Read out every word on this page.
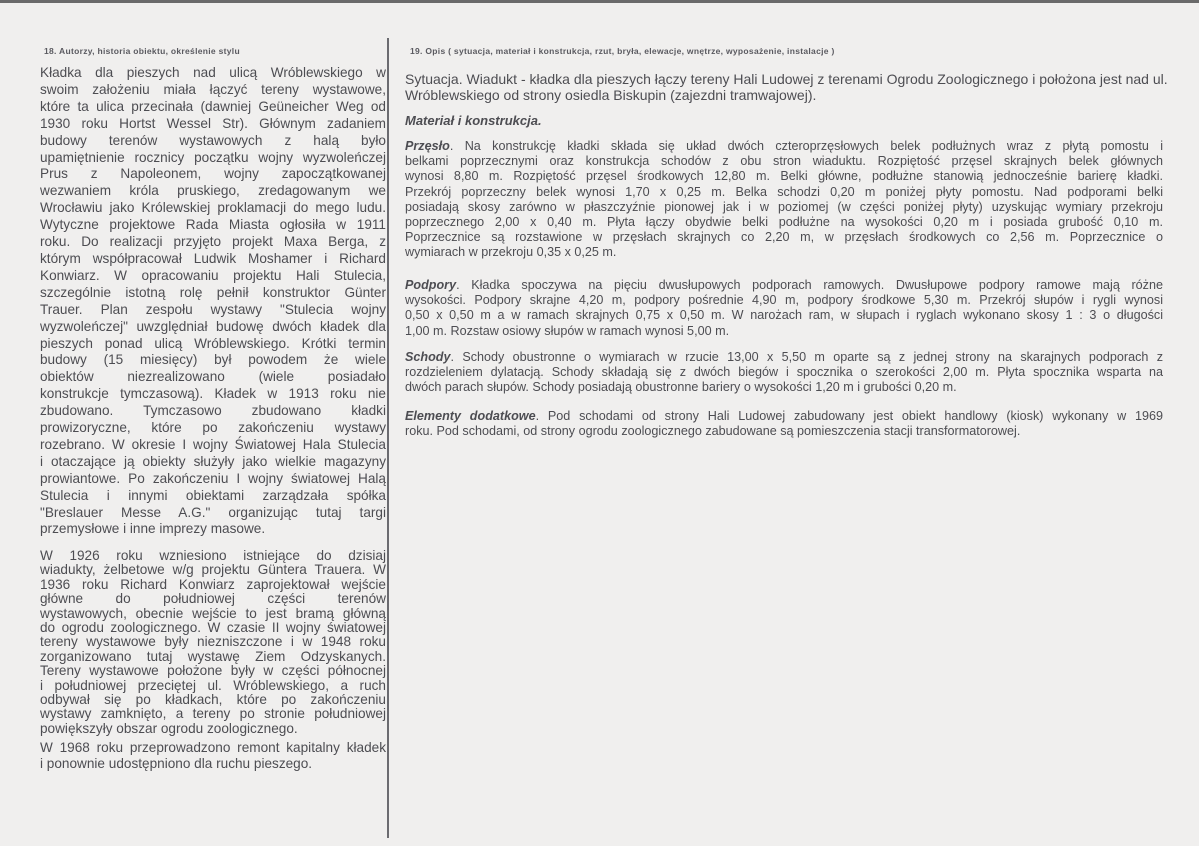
18. Autorzy, historia obiektu, określenie stylu	19. Opis ( sytuacja, materiał i konstrukcja, rzut, bryła, elewacje, wnętrze, wyposażenie, instalacje )
Kładka dla pieszych nad ulicą Wróblewskiego w
swoim założeniu miała łączyć tereny wystawowe,
które ta ulica przecinała (dawniej Geüneicher Weg od
1930 roku Hortst Wessel Str). Głównym zadaniem
budowy terenów wystawowych z halą było
upamiętnienie rocznicy początku wojny wyzwoleńczej
Prus z Napoleonem, wojny zapoczątkowanej
wezwaniem króla pruskiego, zredagowanym we
Wrocławiu jako Królewskiej proklamacji do mego ludu.
Wytyczne projektowe Rada Miasta ogłosiła w 1911
roku. Do realizacji przyjęto projekt Maxa Berga, z
którym współpracował Ludwik Moshamer i Richard
Konwiarz. W opracowaniu projektu Hali Stulecia,
szczególnie istotną rolę pełnił konstruktor Günter
Trauer. Plan zespołu wystawy "Stulecia wojny
wyzwoleńczej" uwzględniał budowę dwóch kładek dla
pieszych ponad ulicą Wróblewskiego. Krótki termin
budowy (15 miesięcy) był powodem że wiele
obiektów niezrealizowano (wiele posiadało
konstrukcje tymczasową). Kładek w 1913 roku nie
zbudowano. Tymczasowo zbudowano kładki
prowizoryczne, które po zakończeniu wystawy
rozebrano. W okresie I wojny Światowej Hala Stulecia
i otaczające ją obiekty służyły jako wielkie magazyny
prowiantowe. Po zakończeniu I wojny światowej Halą
Stulecia i innymi obiektami zarządzała spółka
"Breslauer Messe A.G." organizując tutaj targi
przemysłowe i inne imprezy masowe.
W 1926 roku wzniesiono istniejące do dzisiaj
wiadukty, żelbetowe w/g projektu Güntera Trauera. W
1936 roku Richard Konwiarz zaprojektował wejście
główne do południowej części terenów
wystawowych, obecnie wejście to jest bramą główną
do ogrodu zoologicznego. W czasie II wojny światowej
tereny wystawowe były niezniszczone i w 1948 roku
zorganizowano tutaj wystawę Ziem Odzyskanych.
Tereny wystawowe położone były w części północnej
i południowej przeciętej ul. Wróblewskiego, a ruch
odbywał się po kładkach, które po zakończeniu
wystawy zamknięto, a tereny po stronie południowej
powiększyły obszar ogrodu zoologicznego.
W 1968 roku przeprowadzono remont kapitalny kładek
i ponownie udostępniono dla ruchu pieszego.
Sytuacja. Wiadukt - kładka dla pieszych łączy tereny Hali Ludowej z terenami Ogrodu Zoologicznego i położona jest nad ul.
Wróblewskiego od strony osiedla Biskupin (zajezdni tramwajowej).
Materiał i konstrukcja.
Przęsło. Na konstrukcję kładki składa się układ dwóch czteroprzęsłowych belek podłużnych wraz z płytą pomostu i
belkami poprzecznymi oraz konstrukcja schodów z obu stron wiaduktu. Rozpiętość przęsel skrajnych belek głównych
wynosi 8,80 m. Rozpiętość przęsel środkowych 12,80 m. Belki główne, podłużne stanowią jednocześnie barierę kładki.
Przekrój poprzeczny belek wynosi 1,70 x 0,25 m. Belka schodzi 0,20 m poniżej płyty pomostu. Nad podporami belki
posiadają skosy zarówno w płaszczyźnie pionowej jak i w poziomej (w części poniżej płyty) uzyskując wymiary przekroju
poprzecznego 2,00 x 0,40 m. Płyta łączy obydwie belki podłużne na wysokości 0,20 m i posiada grubość 0,10 m.
Poprzecznice są rozstawione w przęsłach skrajnych co 2,20 m, w przęsłach środkowych co 2,56 m. Poprzecznice o
wymiarach w przekroju 0,35 x 0,25 m.
Podpory. Kładka spoczywa na pięciu dwusłupowych podporach ramowych. Dwusłupowe podpory ramowe mają różne
wysokości. Podpory skrajne 4,20 m, podpory pośrednie 4,90 m, podpory środkowe 5,30 m. Przekrój słupów i rygli wynosi
0,50 x 0,50 m a w ramach skrajnych 0,75 x 0,50 m. W narożach ram, w słupach i ryglach wykonano skosy 1 : 3 o długości
1,00 m. Rozstaw osiowy słupów w ramach wynosi 5,00 m.
Schody. Schody obustronne o wymiarach w rzucie 13,00 x 5,50 m oparte są z jednej strony na skarajnych podporach z
rozdzieleniem dylatacją. Schody składają się z dwóch biegów i spocznika o szerokości 2,00 m. Płyta spocznika wsparta na
dwóch parach słupów. Schody posiadają obustronne bariery o wysokości 1,20 m i grubości 0,20 m.
Elementy dodatkowe. Pod schodami od strony Hali Ludowej zabudowany jest obiekt handlowy (kiosk) wykonany w 1969
roku. Pod schodami, od strony ogrodu zoologicznego zabudowane są pomieszczenia stacji transformatorowej.
